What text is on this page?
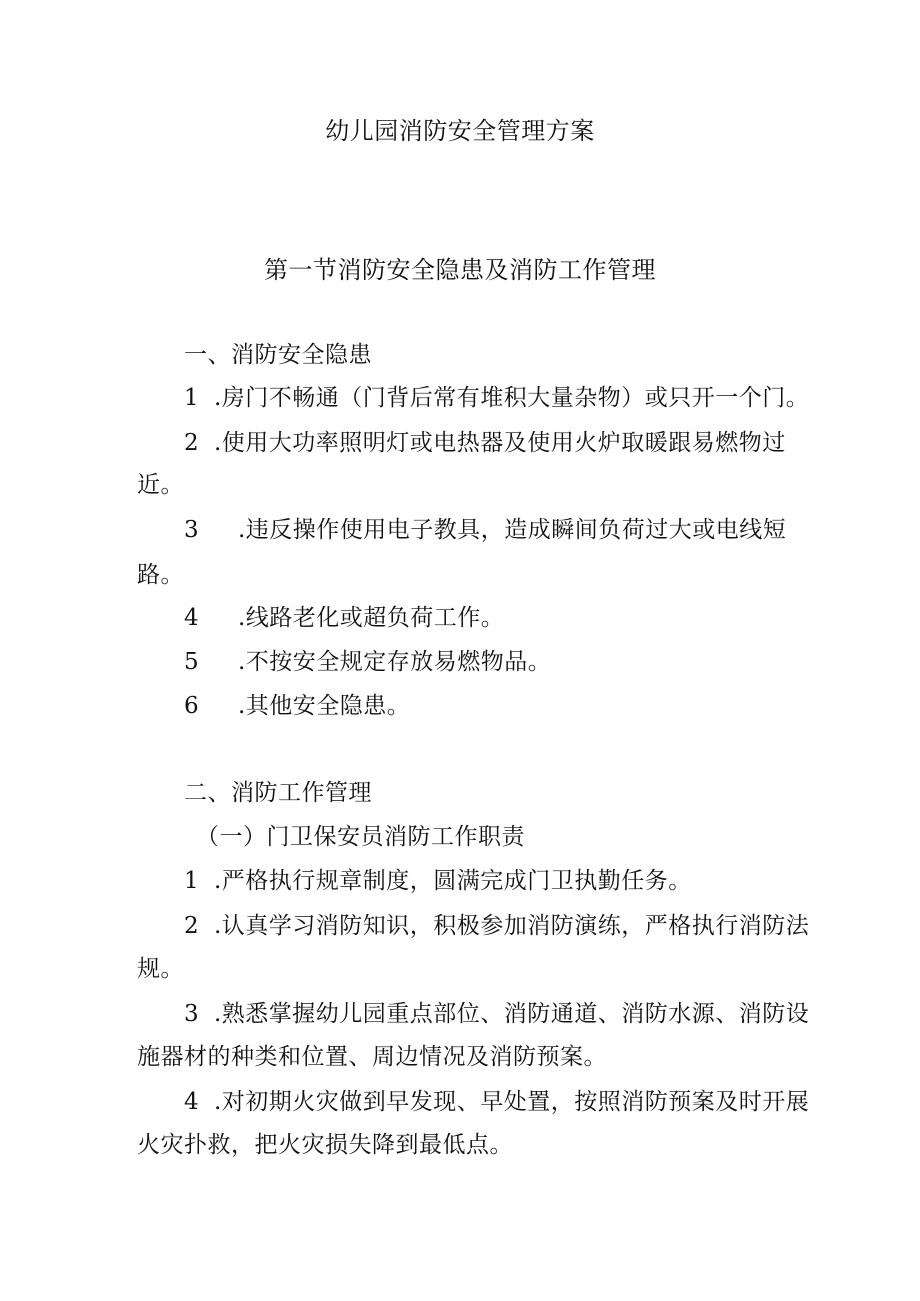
幼儿园消防安全管理方案
第一节消防安全隐患及消防工作管理
一、消防安全隐患
1 .房门不畅通（门背后常有堆积大量杂物）或只开一个门。
2 .使用大功率照明灯或电热器及使用火炉取暖跟易燃物过
近。
3 .违反操作使用电子教具，造成瞬间负荷过大或电线短
路。
4 .线路老化或超负荷工作。
5 .不按安全规定存放易燃物品。
6 .其他安全隐患。
二、消防工作管理
（一）门卫保安员消防工作职责
1 .严格执行规章制度，圆满完成门卫执勤任务。
2 .认真学习消防知识，积极参加消防演练，严格执行消防法
规。
3 .熟悉掌握幼儿园重点部位、消防通道、消防水源、消防设
施器材的种类和位置、周边情况及消防预案。
4 .对初期火灾做到早发现、早处置，按照消防预案及时开展
火灾扑救，把火灾损失降到最低点。
